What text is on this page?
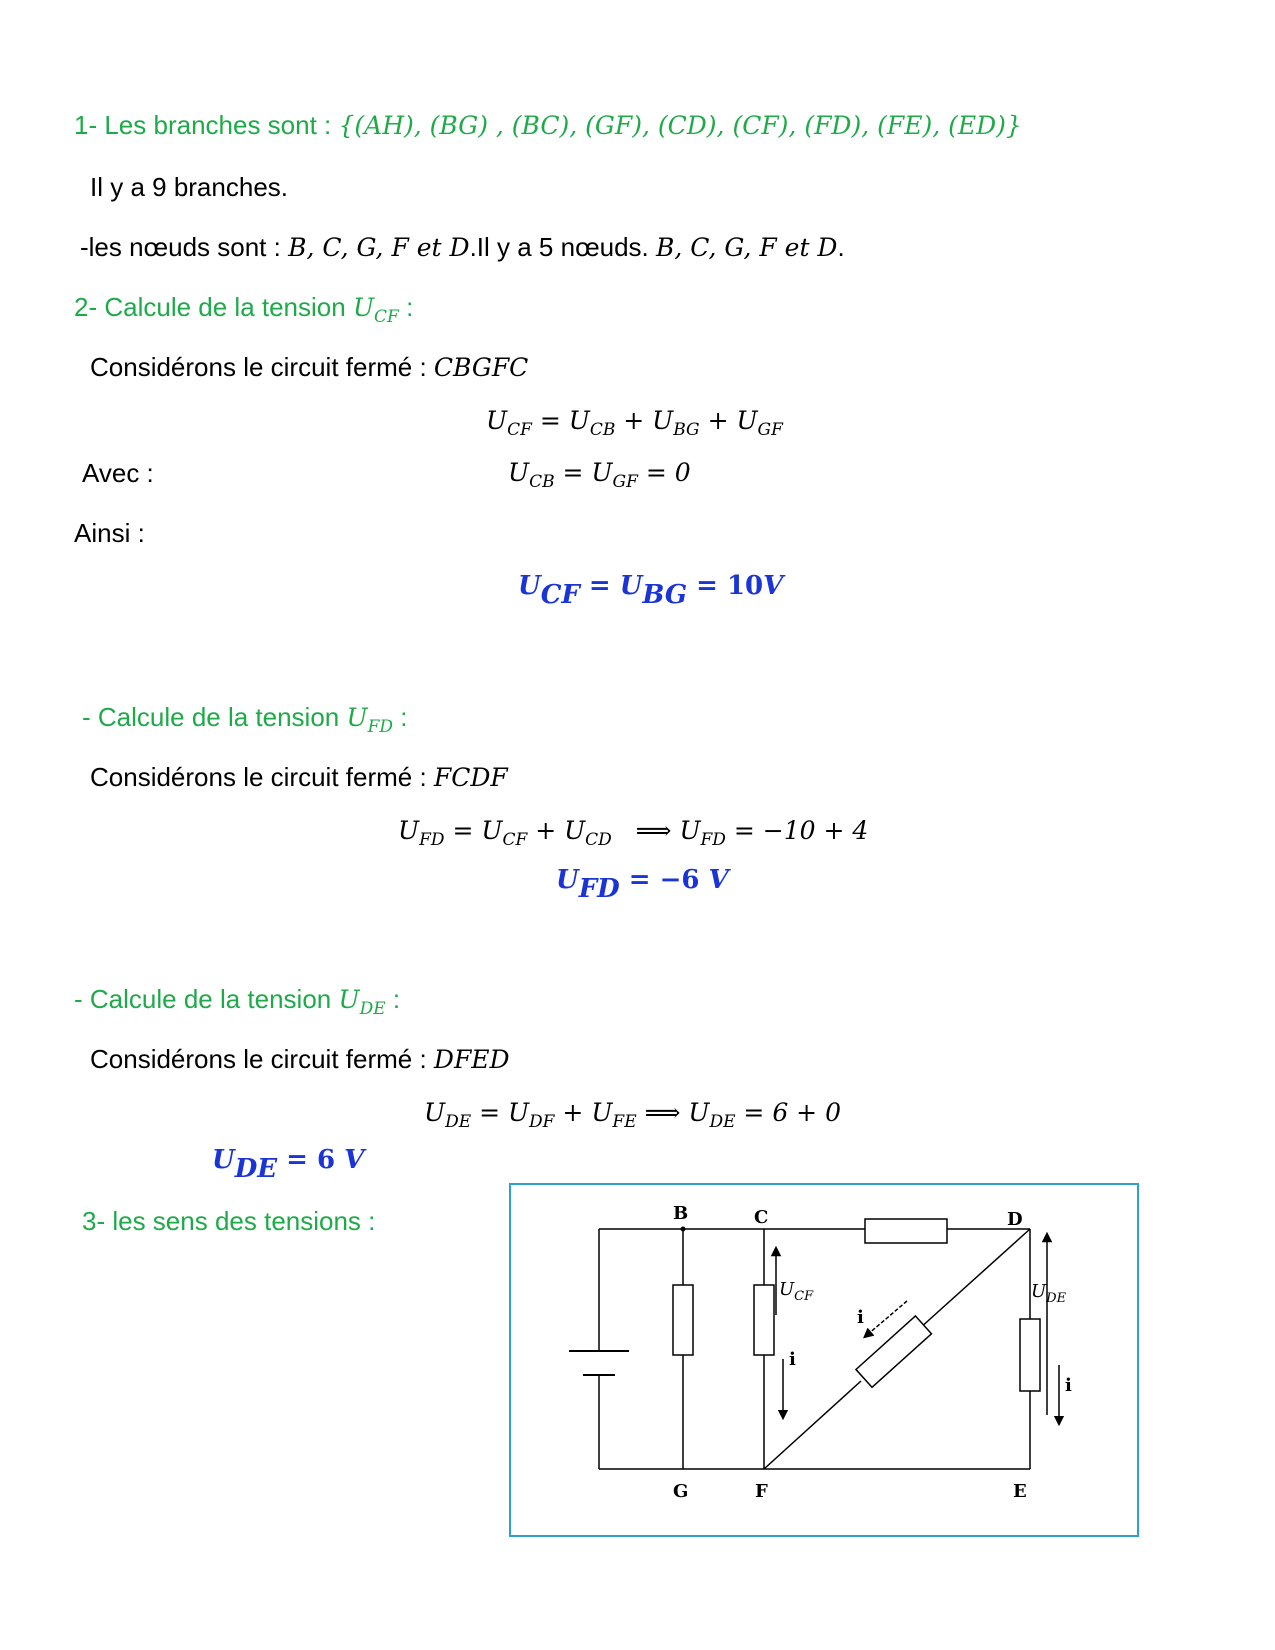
1- Les branches sont : {(AH), (BG) , (BC), (GF), (CD), (CF), (FD), (FE), (ED)}
Il y a 9 branches.
-les nœuds sont : B, C, G, F et D.Il y a 5 nœuds. B, C, G, F et D.
2- Calcule de la tension $U_{CF}$ :
Considérons le circuit fermé : CBGFC
$U_{CF} = U_{CB} + U_{BG} + U_{GF}$
Avec :	$U_{CB} = U_{GF} = 0$
Ainsi :
$U_{CF} = U_{BG} = 10V$
- Calcule de la tension $U_{FD}$ :
Considérons le circuit fermé : FCDF
$U_{FD} = U_{CF} + U_{CD}$   ⟹ $U_{FD} = -10 + 4$
$U_{FD} = -6$ V
- Calcule de la tension $U_{DE}$ :
Considérons le circuit fermé : DFED
$U_{DE} = U_{DF} + U_{FE}$ ⟹ $U_{DE} = 6 + 0$
$U_{DE} = 6$ V
3- les sens des tensions :	B	C	D
G	F	E
$U_{CF}$	$U_{DE}$
i
i
i
